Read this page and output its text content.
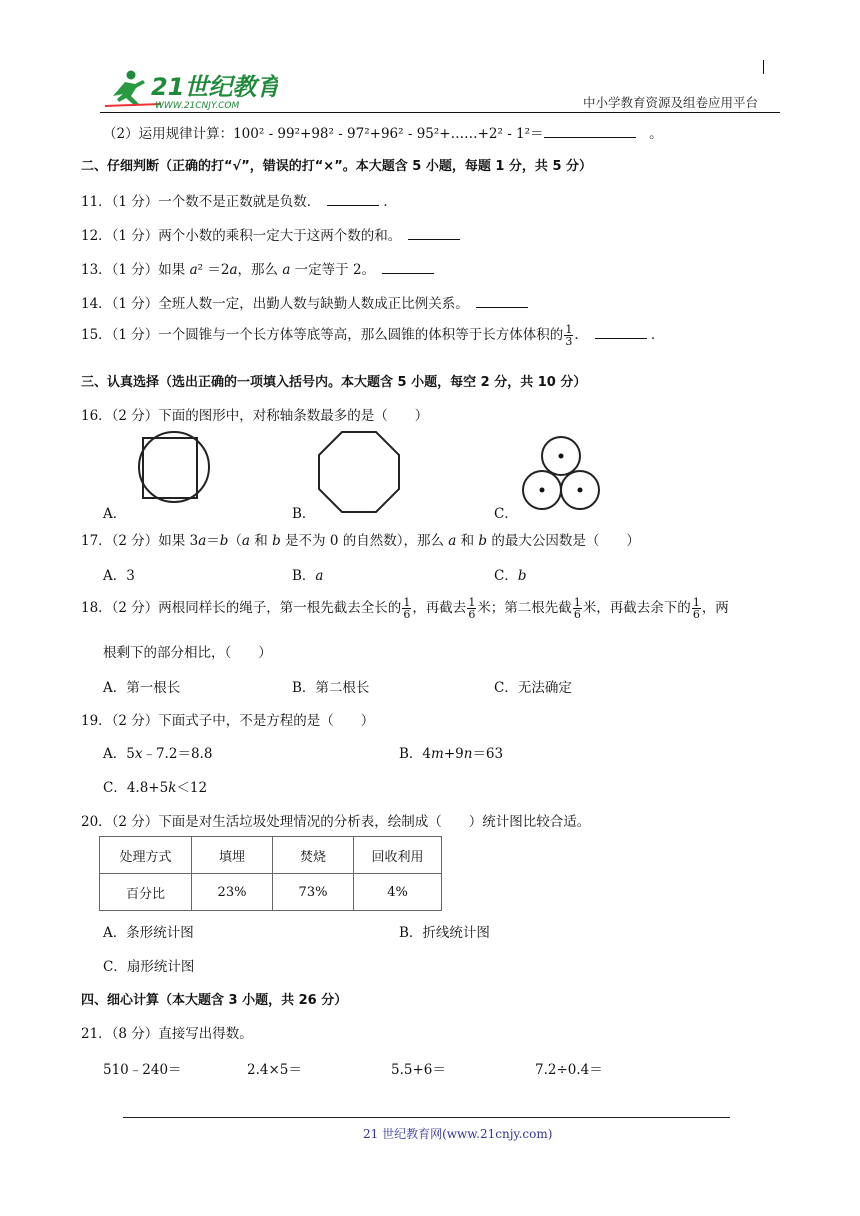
21世纪教育
WWW.21CNJY.COM	中小学教育资源及组卷应用平台
（2）运用规律计算：100² - 99²+98² - 97²+96² - 95²+……+2² - 1²＝　	。
二、仔细判断（正确的打“√”，错误的打“×”。本大题含 5 小题，每题 1 分，共 5 分）
11．（1 分）一个数不是正数就是负数．　	．
12．（1 分）两个小数的乘积一定大于这两个数的和。　
13．（1 分）如果 a² ＝2a，那么 a 一定等于 2。　
14．（1 分）全班人数一定，出勤人数与缺勤人数成正比例关系。　
15．（1 分）一个圆锥与一个长方体等底等高，那么圆锥的体积等于长方体体积的 $\frac{1}{3}$ ．　	．
三、认真选择（选出正确的一项填入括号内。本大题含 5 小题，每空 2 分，共 10 分）
16．（2 分）下面的图形中，对称轴条数最多的是（　　）
A．	B．	C．
17．（2 分）如果 3a＝b（a 和 b 是不为 0 的自然数），那么 a 和 b 的最大公因数是（　　）
A．3	B．a	C．b
18．（2 分）两根同样长的绳子，第一根先截去全长的 $\frac{1}{6}$ ，再截去 $\frac{1}{6}$ 米；第二根先截 $\frac{1}{6}$ 米，再截去余下的 $\frac{1}{6}$ ，两
根剩下的部分相比，（　　）
A．第一根长	B．第二根长	C．无法确定
19．（2 分）下面式子中，不是方程的是（　　）
A．5x﹣7.2＝8.8	B．4m+9n＝63
C．4.8+5k＜12
20．（2 分）下面是对生活垃圾处理情况的分析表，绘制成（　　）统计图比较合适。
处理方式	填埋	焚烧	回收利用
百分比	23%	73%	4%
A．条形统计图	B．折线统计图
C．扇形统计图
四、细心计算（本大题含 3 小题，共 26 分）
21．（8 分）直接写出得数。
510﹣240＝	2.4×5＝	5.5+6＝	7.2÷0.4＝
21 世纪教育网(www.21cnjy.com)
